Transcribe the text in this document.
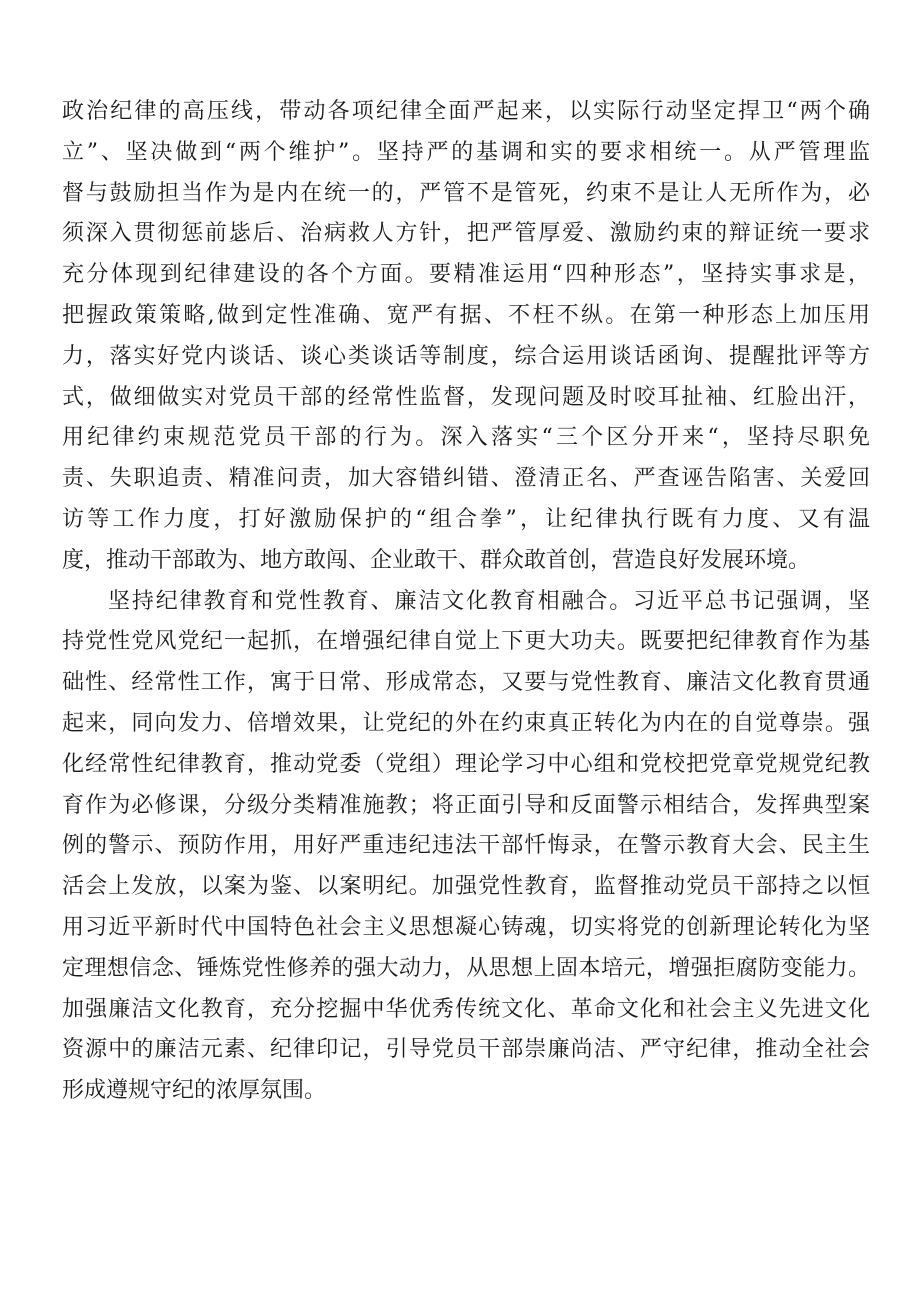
政治纪律的高压线，带动各项纪律全面严起来，以实际行动坚定捍卫“两个确
立”、坚决做到“两个维护”。坚持严的基调和实的要求相统一。从严管理监
督与鼓励担当作为是内在统一的，严管不是管死，约束不是让人无所作为，必
须深入贯彻惩前毖后、治病救人方针，把严管厚爱、激励约束的辩证统一要求
充分体现到纪律建设的各个方面。要精准运用“四种形态”，坚持实事求是，
把握政策策略,做到定性准确、宽严有据、不枉不纵。在第一种形态上加压用
力，落实好党内谈话、谈心类谈话等制度，综合运用谈话函询、提醒批评等方
式，做细做实对党员干部的经常性监督，发现问题及时咬耳扯袖、红脸出汗，
用纪律约束规范党员干部的行为。深入落实“三个区分开来“，坚持尽职免
责、失职追责、精准问责，加大容错纠错、澄清正名、严查诬告陷害、关爱回
访等工作力度，打好激励保护的“组合拳”，让纪律执行既有力度、又有温
度，推动干部敢为、地方敢闯、企业敢干、群众敢首创，营造良好发展环境。
坚持纪律教育和党性教育、廉洁文化教育相融合。习近平总书记强调，坚
持党性党风党纪一起抓，在增强纪律自觉上下更大功夫。既要把纪律教育作为基
础性、经常性工作，寓于日常、形成常态，又要与党性教育、廉洁文化教育贯通
起来，同向发力、倍增效果，让党纪的外在约束真正转化为内在的自觉尊崇。强
化经常性纪律教育，推动党委（党组）理论学习中心组和党校把党章党规党纪教
育作为必修课，分级分类精准施教；将正面引导和反面警示相结合，发挥典型案
例的警示、预防作用，用好严重违纪违法干部忏悔录，在警示教育大会、民主生
活会上发放，以案为鉴、以案明纪。加强党性教育，监督推动党员干部持之以恒
用习近平新时代中国特色社会主义思想凝心铸魂，切实将党的创新理论转化为坚
定理想信念、锤炼党性修养的强大动力，从思想上固本培元，增强拒腐防变能力。
加强廉洁文化教育，充分挖掘中华优秀传统文化、革命文化和社会主义先进文化
资源中的廉洁元素、纪律印记，引导党员干部崇廉尚洁、严守纪律，推动全社会
形成遵规守纪的浓厚氛围。
